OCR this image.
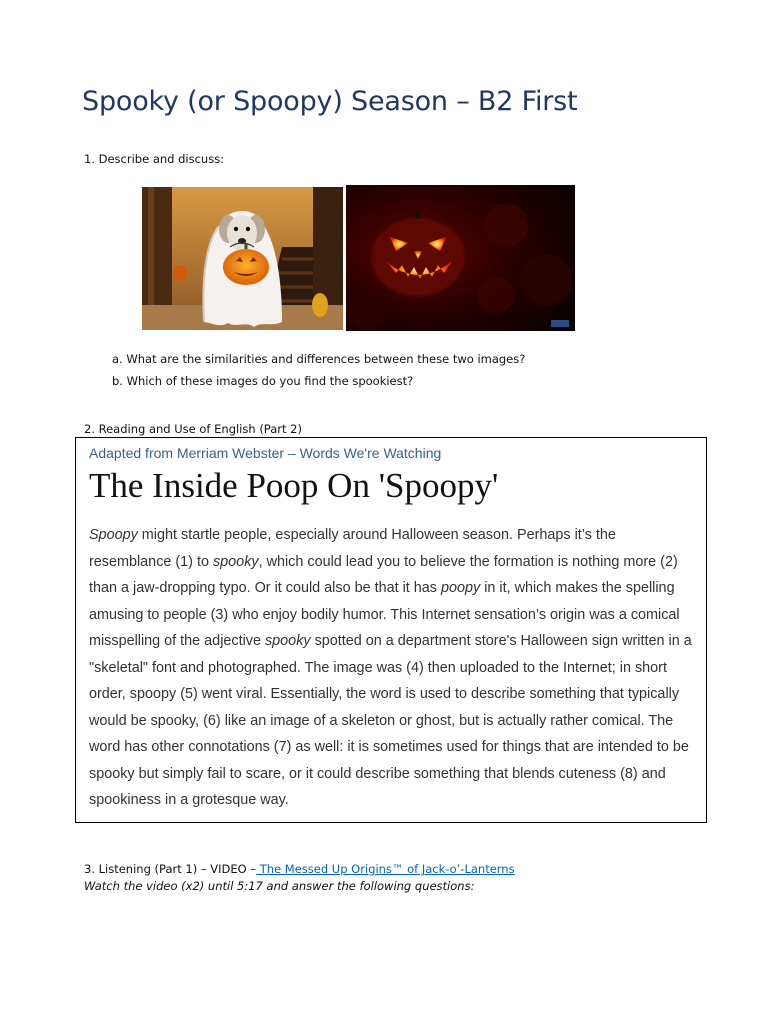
Spooky (or Spoopy) Season – B2 First
1. Describe and discuss:
a. What are the similarities and differences between these two images?
b. Which of these images do you find the spookiest?
2. Reading and Use of English (Part 2)
Adapted from Merriam Webster – Words We're Watching
The Inside Poop On 'Spoopy'

Spoopy might startle people, especially around Halloween season. Perhaps it’s the resemblance (1) to spooky, which could lead you to believe the formation is nothing more (2) than a jaw-dropping typo. Or it could also be that it has poopy in it, which makes the spelling amusing to people (3) who enjoy bodily humor. This Internet sensation’s origin was a comical misspelling of the adjective spooky spotted on a department store's Halloween sign written in a "skeletal" font and photographed. The image was (4) then uploaded to the Internet; in short order, spoopy (5) went viral. Essentially, the word is used to describe something that typically would be spooky, (6) like an image of a skeleton or ghost, but is actually rather comical. The word has other connotations (7) as well: it is sometimes used for things that are intended to be spooky but simply fail to scare, or it could describe something that blends cuteness (8) and spookiness in a grotesque way.

3. Listening (Part 1) – VIDEO – The Messed Up Origins™ of Jack-o’-Lanterns
Watch the video (x2) until 5:17 and answer the following questions:
